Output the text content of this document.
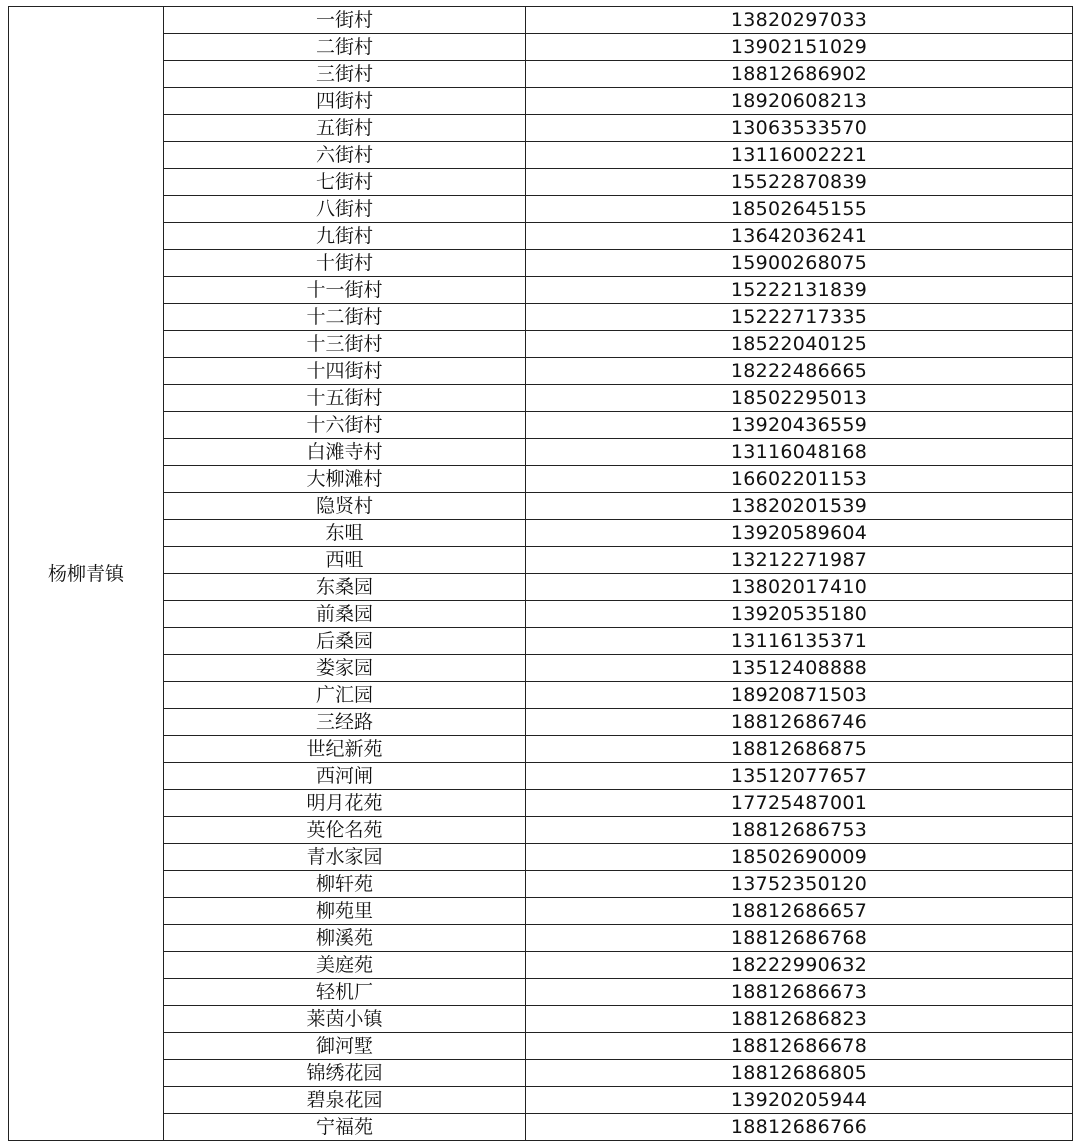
杨柳青镇	一街村	13820297033
	二街村	13902151029
	三街村	18812686902
	四街村	18920608213
	五街村	13063533570
	六街村	13116002221
	七街村	15522870839
	八街村	18502645155
	九街村	13642036241
	十街村	15900268075
	十一街村	15222131839
	十二街村	15222717335
	十三街村	18522040125
	十四街村	18222486665
	十五街村	18502295013
	十六街村	13920436559
	白滩寺村	13116048168
	大柳滩村	16602201153
	隐贤村	13820201539
	东咀	13920589604
	西咀	13212271987
	东桑园	13802017410
	前桑园	13920535180
	后桑园	13116135371
	娄家园	13512408888
	广汇园	18920871503
	三经路	18812686746
	世纪新苑	18812686875
	西河闸	13512077657
	明月花苑	17725487001
	英伦名苑	18812686753
	青水家园	18502690009
	柳轩苑	13752350120
	柳苑里	18812686657
	柳溪苑	18812686768
	美庭苑	18222990632
	轻机厂	18812686673
	莱茵小镇	18812686823
	御河墅	18812686678
	锦绣花园	18812686805
	碧泉花园	13920205944
	宁福苑	18812686766
